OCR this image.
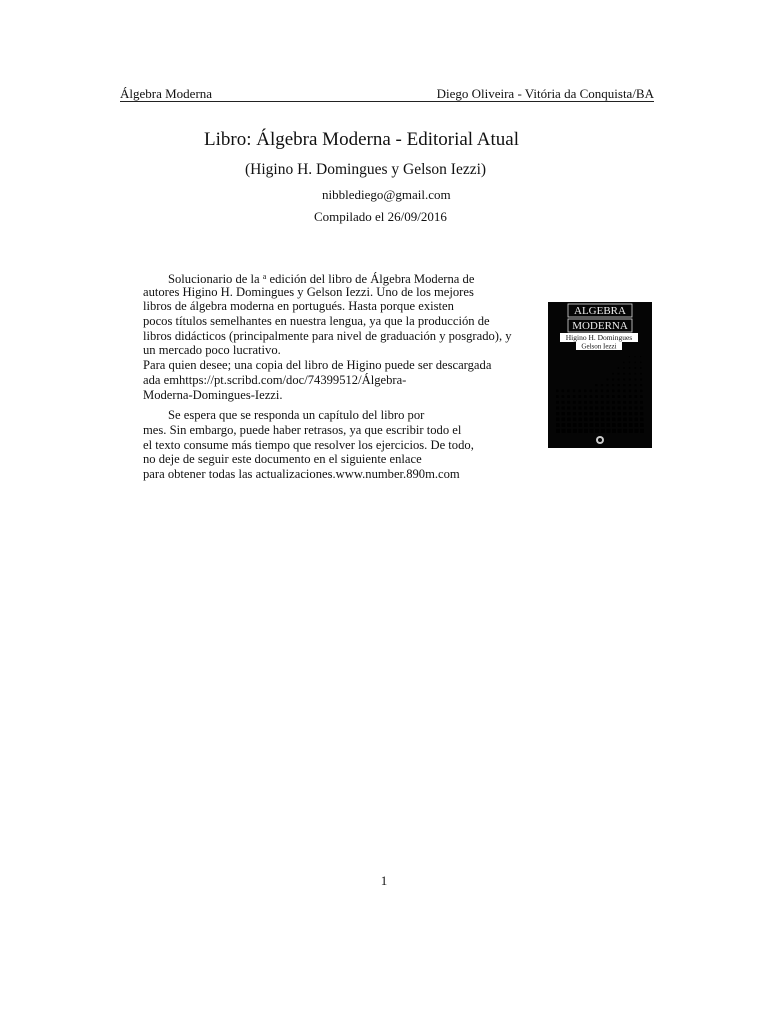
Álgebra Moderna	Diego Oliveira - Vitória da Conquista/BA
Libro: Álgebra Moderna - Editorial Atual
(Higino H. Domingues y Gelson Iezzi)
nibblediego@gmail.com
Compilado el 26/09/2016
Solucionario de la $^a$ edición del libro de Álgebra Moderna de
autores Higino H. Domingues y Gelson Iezzi. Uno de los mejores
libros de álgebra moderna en portugués. Hasta porque existen
pocos títulos semelhantes en nuestra lengua, ya que la producción de
libros didácticos (principalmente para nivel de graduación y posgrado), y
un mercado poco lucrativo.
Para quien desee; una copia del libro de Higino puede ser descargada
ada emhttps://pt.scribd.com/doc/74399512/Álgebra-
Moderna-Domingues-Iezzi.
Se espera que se responda un capítulo del libro por
mes. Sin embargo, puede haber retrasos, ya que escribir todo el
el texto consume más tiempo que resolver los ejercicios. De todo,
no deje de seguir este documento en el siguiente enlace
para obtener todas las actualizaciones.www.number.890m.com
ALGEBRA
MODERNA
Higino H. Domingues
Gelson Iezzi
1
